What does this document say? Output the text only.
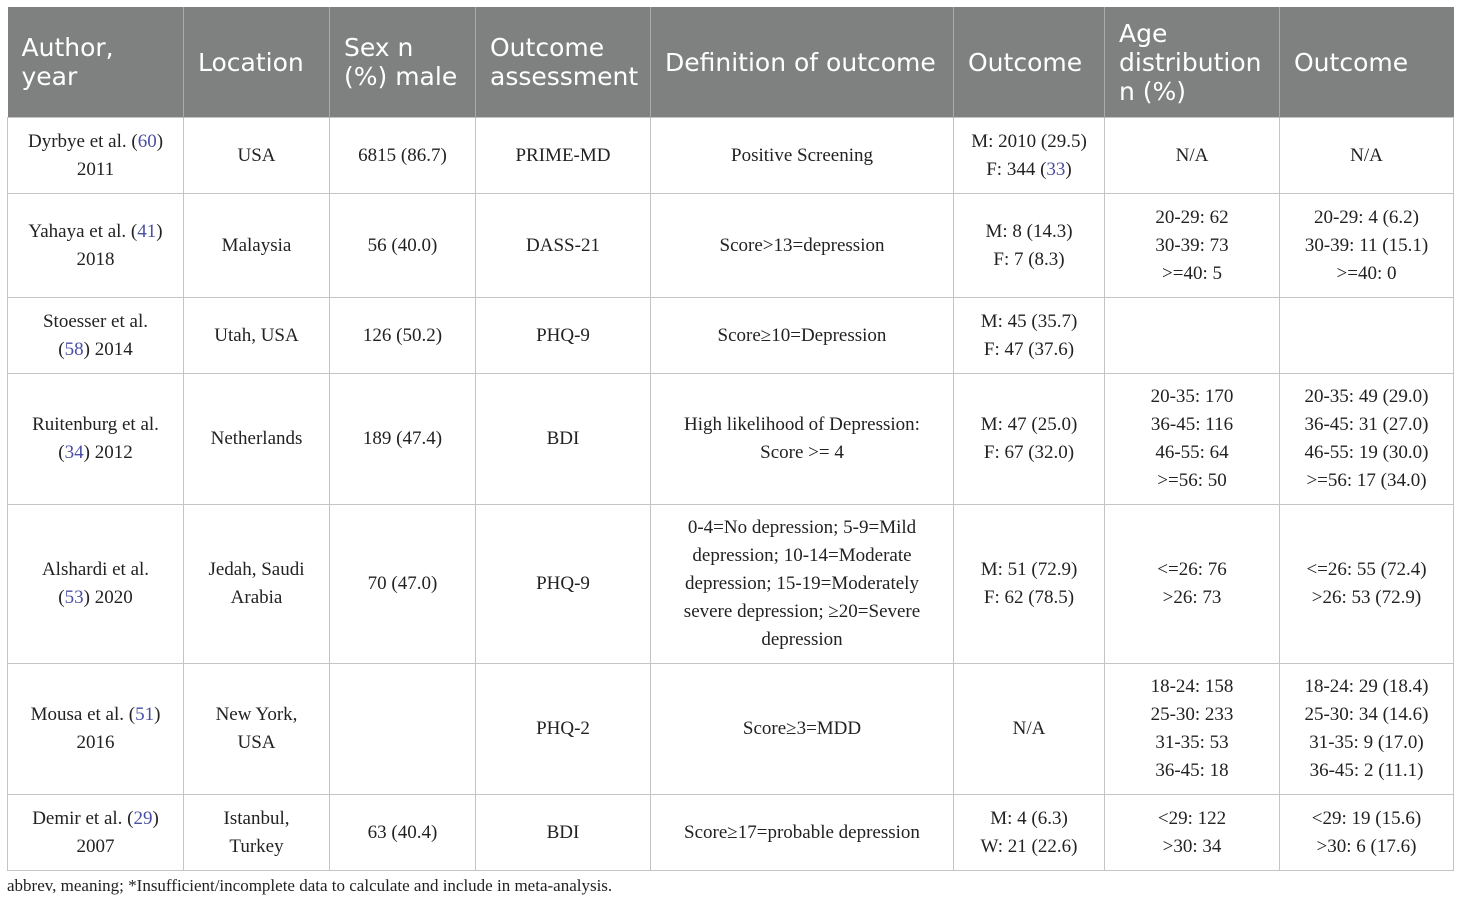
Author, year	Location	Sex n (%) male	Outcome assessment	Definition of outcome	Outcome	Age distribution n (%)	Outcome

Dyrbye et al. (60)
2011	USA	6815 (86.7)	PRIME-MD	Positive Screening	M: 2010 (29.5)
F: 344 (33)	N/A	N/A

Yahaya et al. (41)
2018	Malaysia	56 (40.0)	DASS-21	Score>13=depression	M: 8 (14.3)
F: 7 (8.3)	20-29: 62
30-39: 73
>=40: 5	20-29: 4 (6.2)
30-39: 11 (15.1)
>=40: 0

Stoesser et al.
(58) 2014	Utah, USA	126 (50.2)	PHQ-9	Score≥10=Depression	M: 45 (35.7)
F: 47 (37.6)		

Ruitenburg et al.
(34) 2012	Netherlands	189 (47.4)	BDI	High likelihood of Depression:
Score >= 4	M: 47 (25.0)
F: 67 (32.0)	20-35: 170
36-45: 116
46-55: 64
>=56: 50	20-35: 49 (29.0)
36-45: 31 (27.0)
46-55: 19 (30.0)
>=56: 17 (34.0)

Alshardi et al.
(53) 2020	Jedah, Saudi
Arabia	70 (47.0)	PHQ-9	0-4=No depression; 5-9=Mild
depression; 10-14=Moderate
depression; 15-19=Moderately
severe depression; ≥20=Severe
depression	M: 51 (72.9)
F: 62 (78.5)	<=26: 76
>26: 73	<=26: 55 (72.4)
>26: 53 (72.9)

Mousa et al. (51)
2016	New York,
USA		PHQ-2	Score≥3=MDD	N/A	18-24: 158
25-30: 233
31-35: 53
36-45: 18	18-24: 29 (18.4)
25-30: 34 (14.6)
31-35: 9 (17.0)
36-45: 2 (11.1)

Demir et al. (29)
2007	Istanbul,
Turkey	63 (40.4)	BDI	Score≥17=probable depression	M: 4 (6.3)
W: 21 (22.6)	<29: 122
>30: 34	<29: 19 (15.6)
>30: 6 (17.6)
abbrev, meaning; *Insufficient/incomplete data to calculate and include in meta-analysis.
